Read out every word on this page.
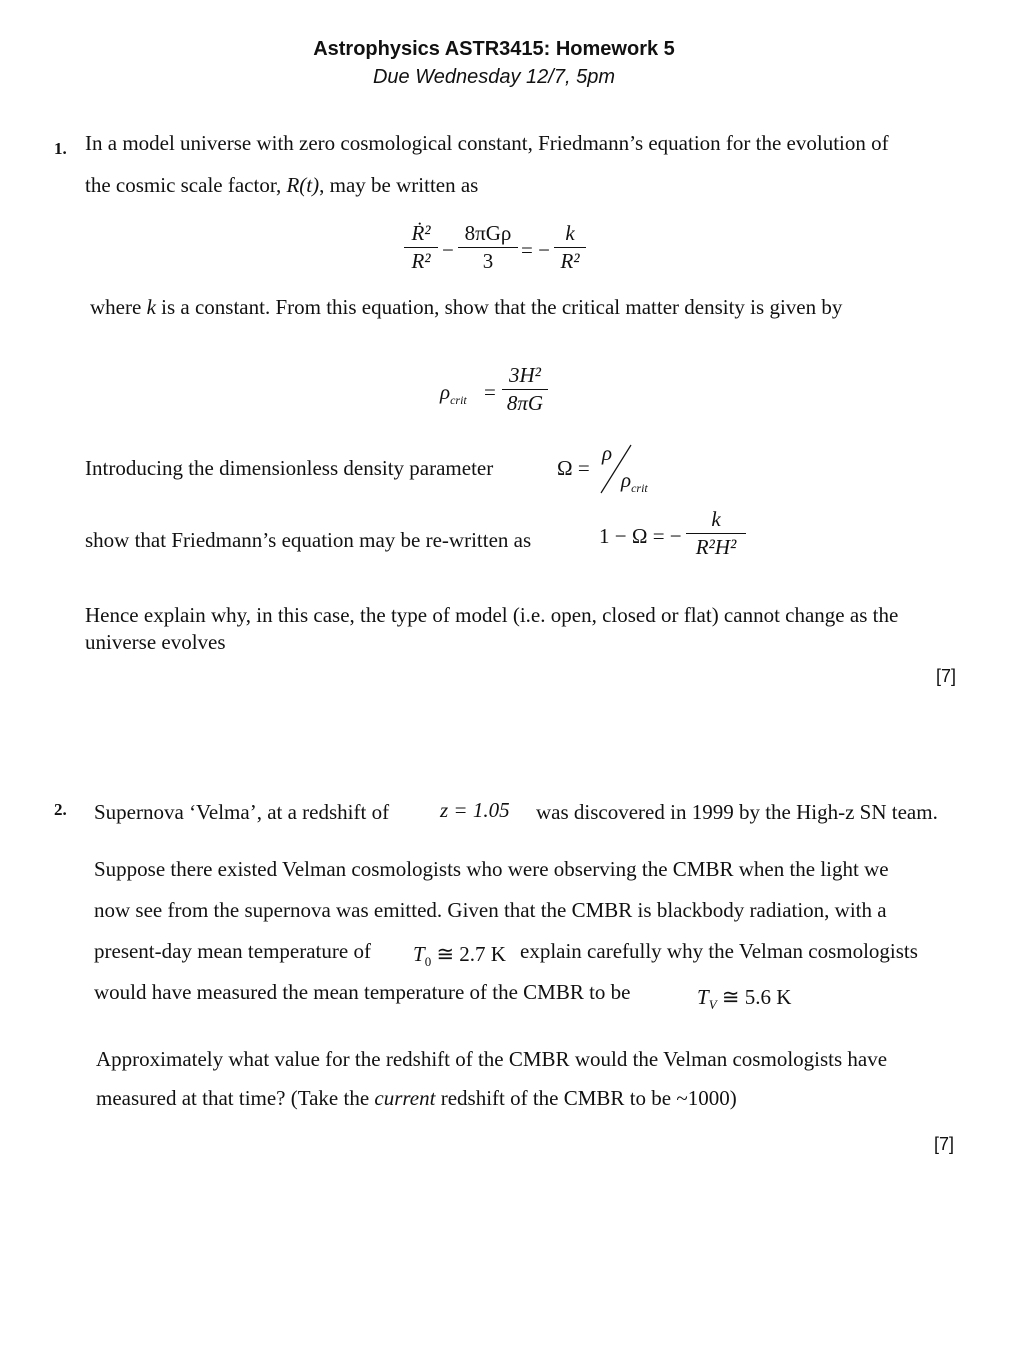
Astrophysics ASTR3415: Homework 5
Due Wednesday 12/7, 5pm
1. In a model universe with zero cosmological constant, Friedmann’s equation for the evolution of
the cosmic scale factor, R(t), may be written as
Ṙ²
R² −
8πGρ
3	= −
k
R²
where k is a constant. From this equation, show that the critical matter density is given by
$\rho_{crit}$ =
3H²
8πG
Introducing the dimensionless density parameter	Ω =
ρ
$\rho_{crit}$
show that Friedmann’s equation may be re-written as	1 − Ω = −
k
R²H²
Hence explain why, in this case, the type of model (i.e. open, closed or flat) cannot change as the
universe evolves
[7]
2. Supernova ‘Velma’, at a redshift of z = 1.05 was discovered in 1999 by the High-z SN team.
Suppose there existed Velman cosmologists who were observing the CMBR when the light we
now see from the supernova was emitted. Given that the CMBR is blackbody radiation, with a
present-day mean temperature of $T_0$ ≅ 2.7 K explain carefully why the Velman cosmologists
would have measured the mean temperature of the CMBR to be	$T_V$ ≅ 5.6 K
Approximately what value for the redshift of the CMBR would the Velman cosmologists have
measured at that time? (Take the current redshift of the CMBR to be ~1000)
[7]
